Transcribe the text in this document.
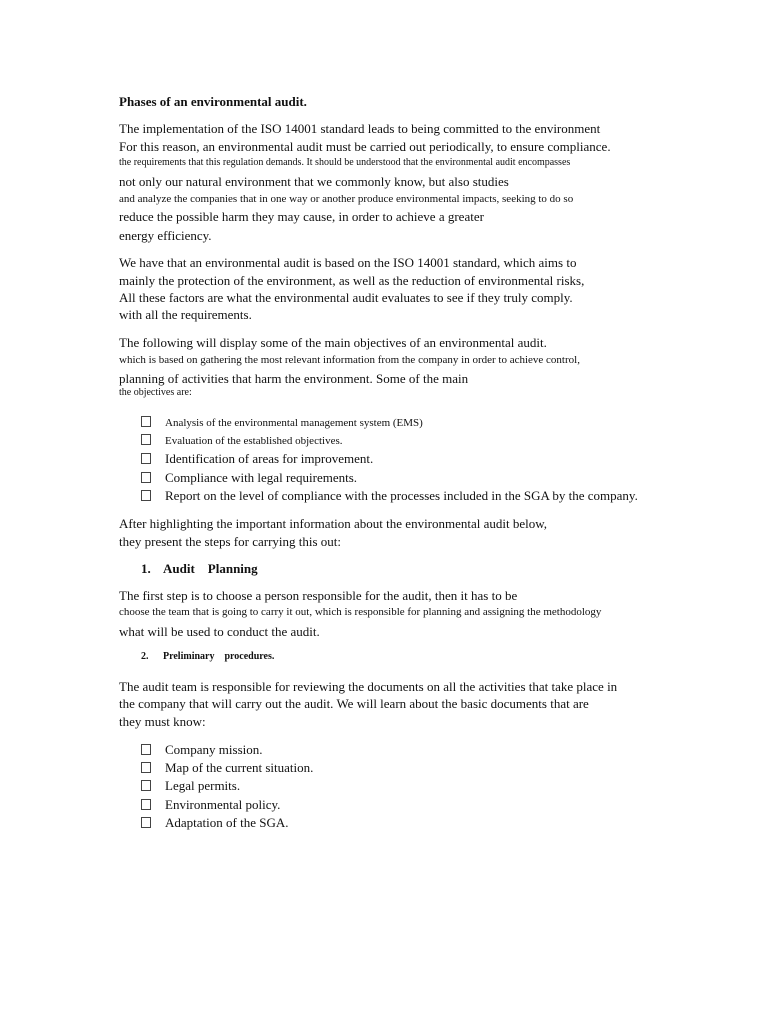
Phases of an environmental audit.
The implementation of the ISO 14001 standard leads to being committed to the environment
For this reason, an environmental audit must be carried out periodically, to ensure compliance.
the requirements that this regulation demands. It should be understood that the environmental audit encompasses
not only our natural environment that we commonly know, but also studies
and analyze the companies that in one way or another produce environmental impacts, seeking to do so
reduce the possible harm they may cause, in order to achieve a greater
energy efficiency.
We have that an environmental audit is based on the ISO 14001 standard, which aims to
mainly the protection of the environment, as well as the reduction of environmental risks,
All these factors are what the environmental audit evaluates to see if they truly comply.
with all the requirements.
The following will display some of the main objectives of an environmental audit.
which is based on gathering the most relevant information from the company in order to achieve control,
planning of activities that harm the environment. Some of the main
the objectives are:
Analysis of the environmental management system (EMS)
Evaluation of the established objectives.
Identification of areas for improvement.
Compliance with legal requirements.
Report on the level of compliance with the processes included in the SGA by the company.
After highlighting the important information about the environmental audit below,
they present the steps for carrying this out:
1. Audit    Planning
The first step is to choose a person responsible for the audit, then it has to be
choose the team that is going to carry it out, which is responsible for planning and assigning the methodology
what will be used to conduct the audit.
2. Preliminary    procedures.
The audit team is responsible for reviewing the documents on all the activities that take place in
the company that will carry out the audit. We will learn about the basic documents that are
they must know:
Company mission.
Map of the current situation.
Legal permits.
Environmental policy.
Adaptation of the SGA.
